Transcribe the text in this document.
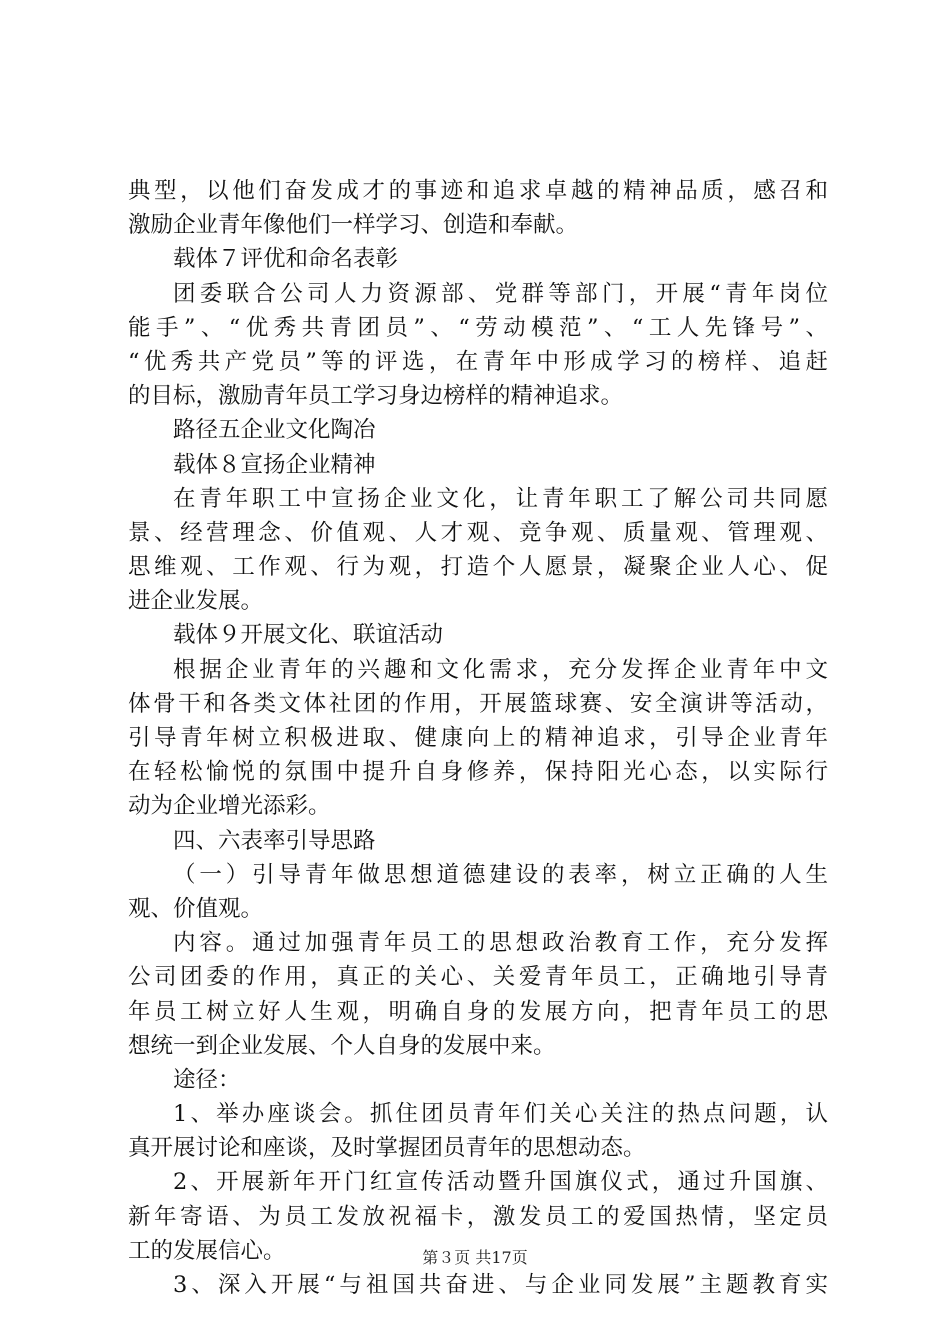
典型，以他们奋发成才的事迹和追求卓越的精神品质，感召和
激励企业青年像他们一样学习、创造和奉献。
载体７评优和命名表彰
团委联合公司人力资源部、党群等部门，开展“青年岗位
能手”、“优秀共青团员”、“劳动模范”、“工人先锋号”、
“优秀共产党员”等的评选，在青年中形成学习的榜样、追赶
的目标，激励青年员工学习身边榜样的精神追求。
路径五企业文化陶冶
载体８宣扬企业精神
在青年职工中宣扬企业文化，让青年职工了解公司共同愿
景、经营理念、价值观、人才观、竞争观、质量观、管理观、
思维观、工作观、行为观，打造个人愿景，凝聚企业人心、促
进企业发展。
载体９开展文化、联谊活动
根据企业青年的兴趣和文化需求，充分发挥企业青年中文
体骨干和各类文体社团的作用，开展篮球赛、安全演讲等活动，
引导青年树立积极进取、健康向上的精神追求，引导企业青年
在轻松愉悦的氛围中提升自身修养，保持阳光心态，以实际行
动为企业增光添彩。
四、六表率引导思路
（一）引导青年做思想道德建设的表率，树立正确的人生
观、价值观。
内容。通过加强青年员工的思想政治教育工作，充分发挥
公司团委的作用，真正的关心、关爱青年员工，正确地引导青
年员工树立好人生观，明确自身的发展方向，把青年员工的思
想统一到企业发展、个人自身的发展中来。
途径：
1、举办座谈会。抓住团员青年们关心关注的热点问题，认
真开展讨论和座谈，及时掌握团员青年的思想动态。
2、开展新年开门红宣传活动暨升国旗仪式，通过升国旗、
新年寄语、为员工发放祝福卡，激发员工的爱国热情，坚定员
工的发展信心。
3、深入开展“与祖国共奋进、与企业同发展”主题教育实
第３页 共17页
